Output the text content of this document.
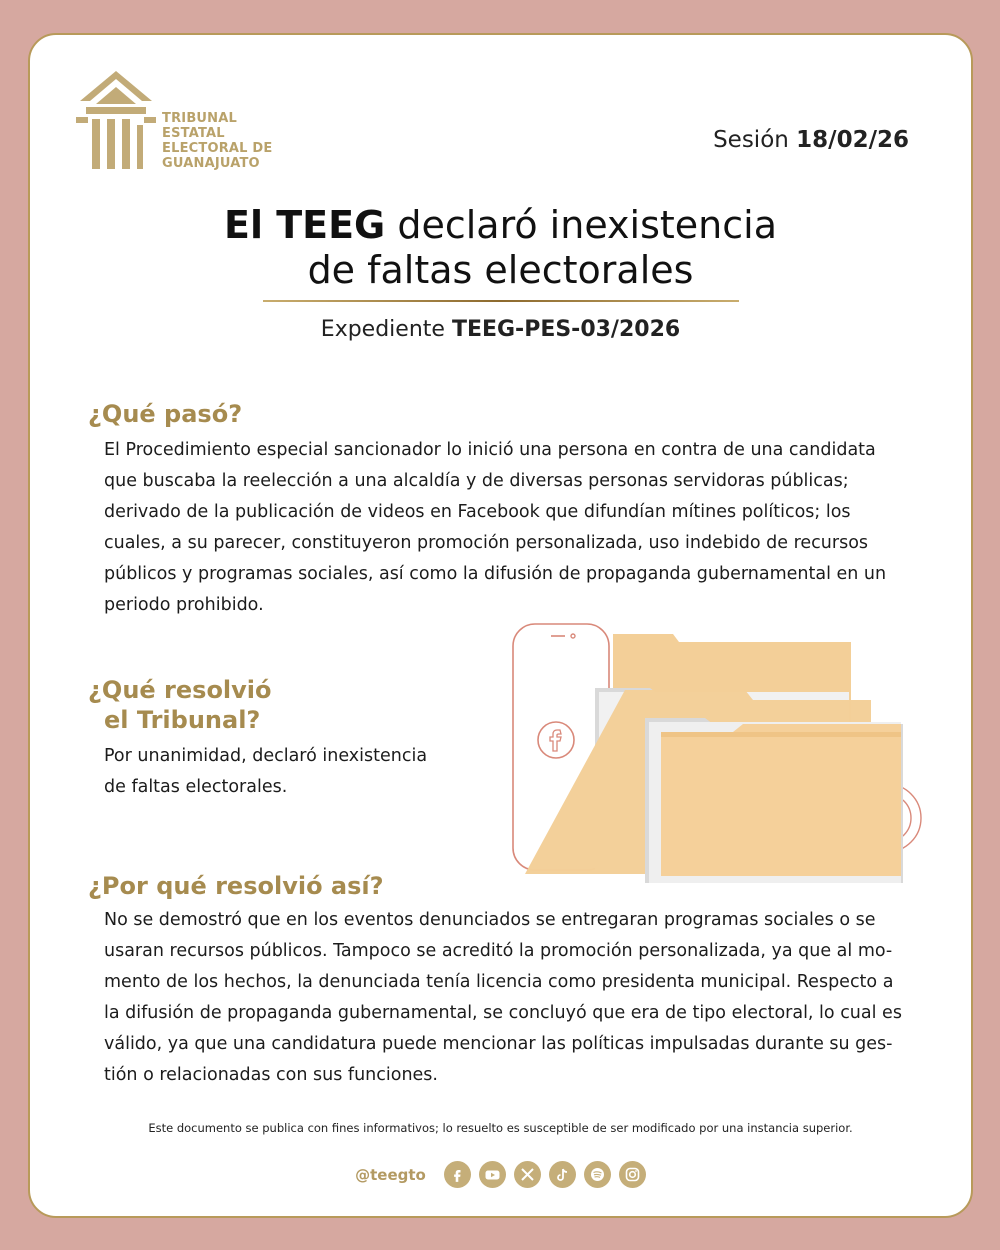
TRIBUNAL
ESTATAL
ELECTORAL DE
GUANAJUATO
Sesión 18/02/26
El TEEG declaró inexistencia
de faltas electorales
Expediente TEEG-PES-03/2026
¿Qué pasó?
El Procedimiento especial sancionador lo inició una persona en contra de una candidata
que buscaba la reelección a una alcaldía y de diversas personas servidoras públicas;
derivado de la publicación de videos en Facebook que difundían mítines políticos; los
cuales, a su parecer, constituyeron promoción personalizada, uso indebido de recursos
públicos y programas sociales, así como la difusión de propaganda gubernamental en un
periodo prohibido.
¿Qué resolvió
el Tribunal?
Por unanimidad, declaró inexistencia
de faltas electorales.
¿Por qué resolvió así?
No se demostró que en los eventos denunciados se entregaran programas sociales o se
usaran recursos públicos. Tampoco se acreditó la promoción personalizada, ya que al mo-
mento de los hechos, la denunciada tenía licencia como presidenta municipal. Respecto a
la difusión de propaganda gubernamental, se concluyó que era de tipo electoral, lo cual es
válido, ya que una candidatura puede mencionar las políticas impulsadas durante su ges-
tión o relacionadas con sus funciones.
Este documento se publica con fines informativos; lo resuelto es susceptible de ser modificado por una instancia superior.
@teegto
